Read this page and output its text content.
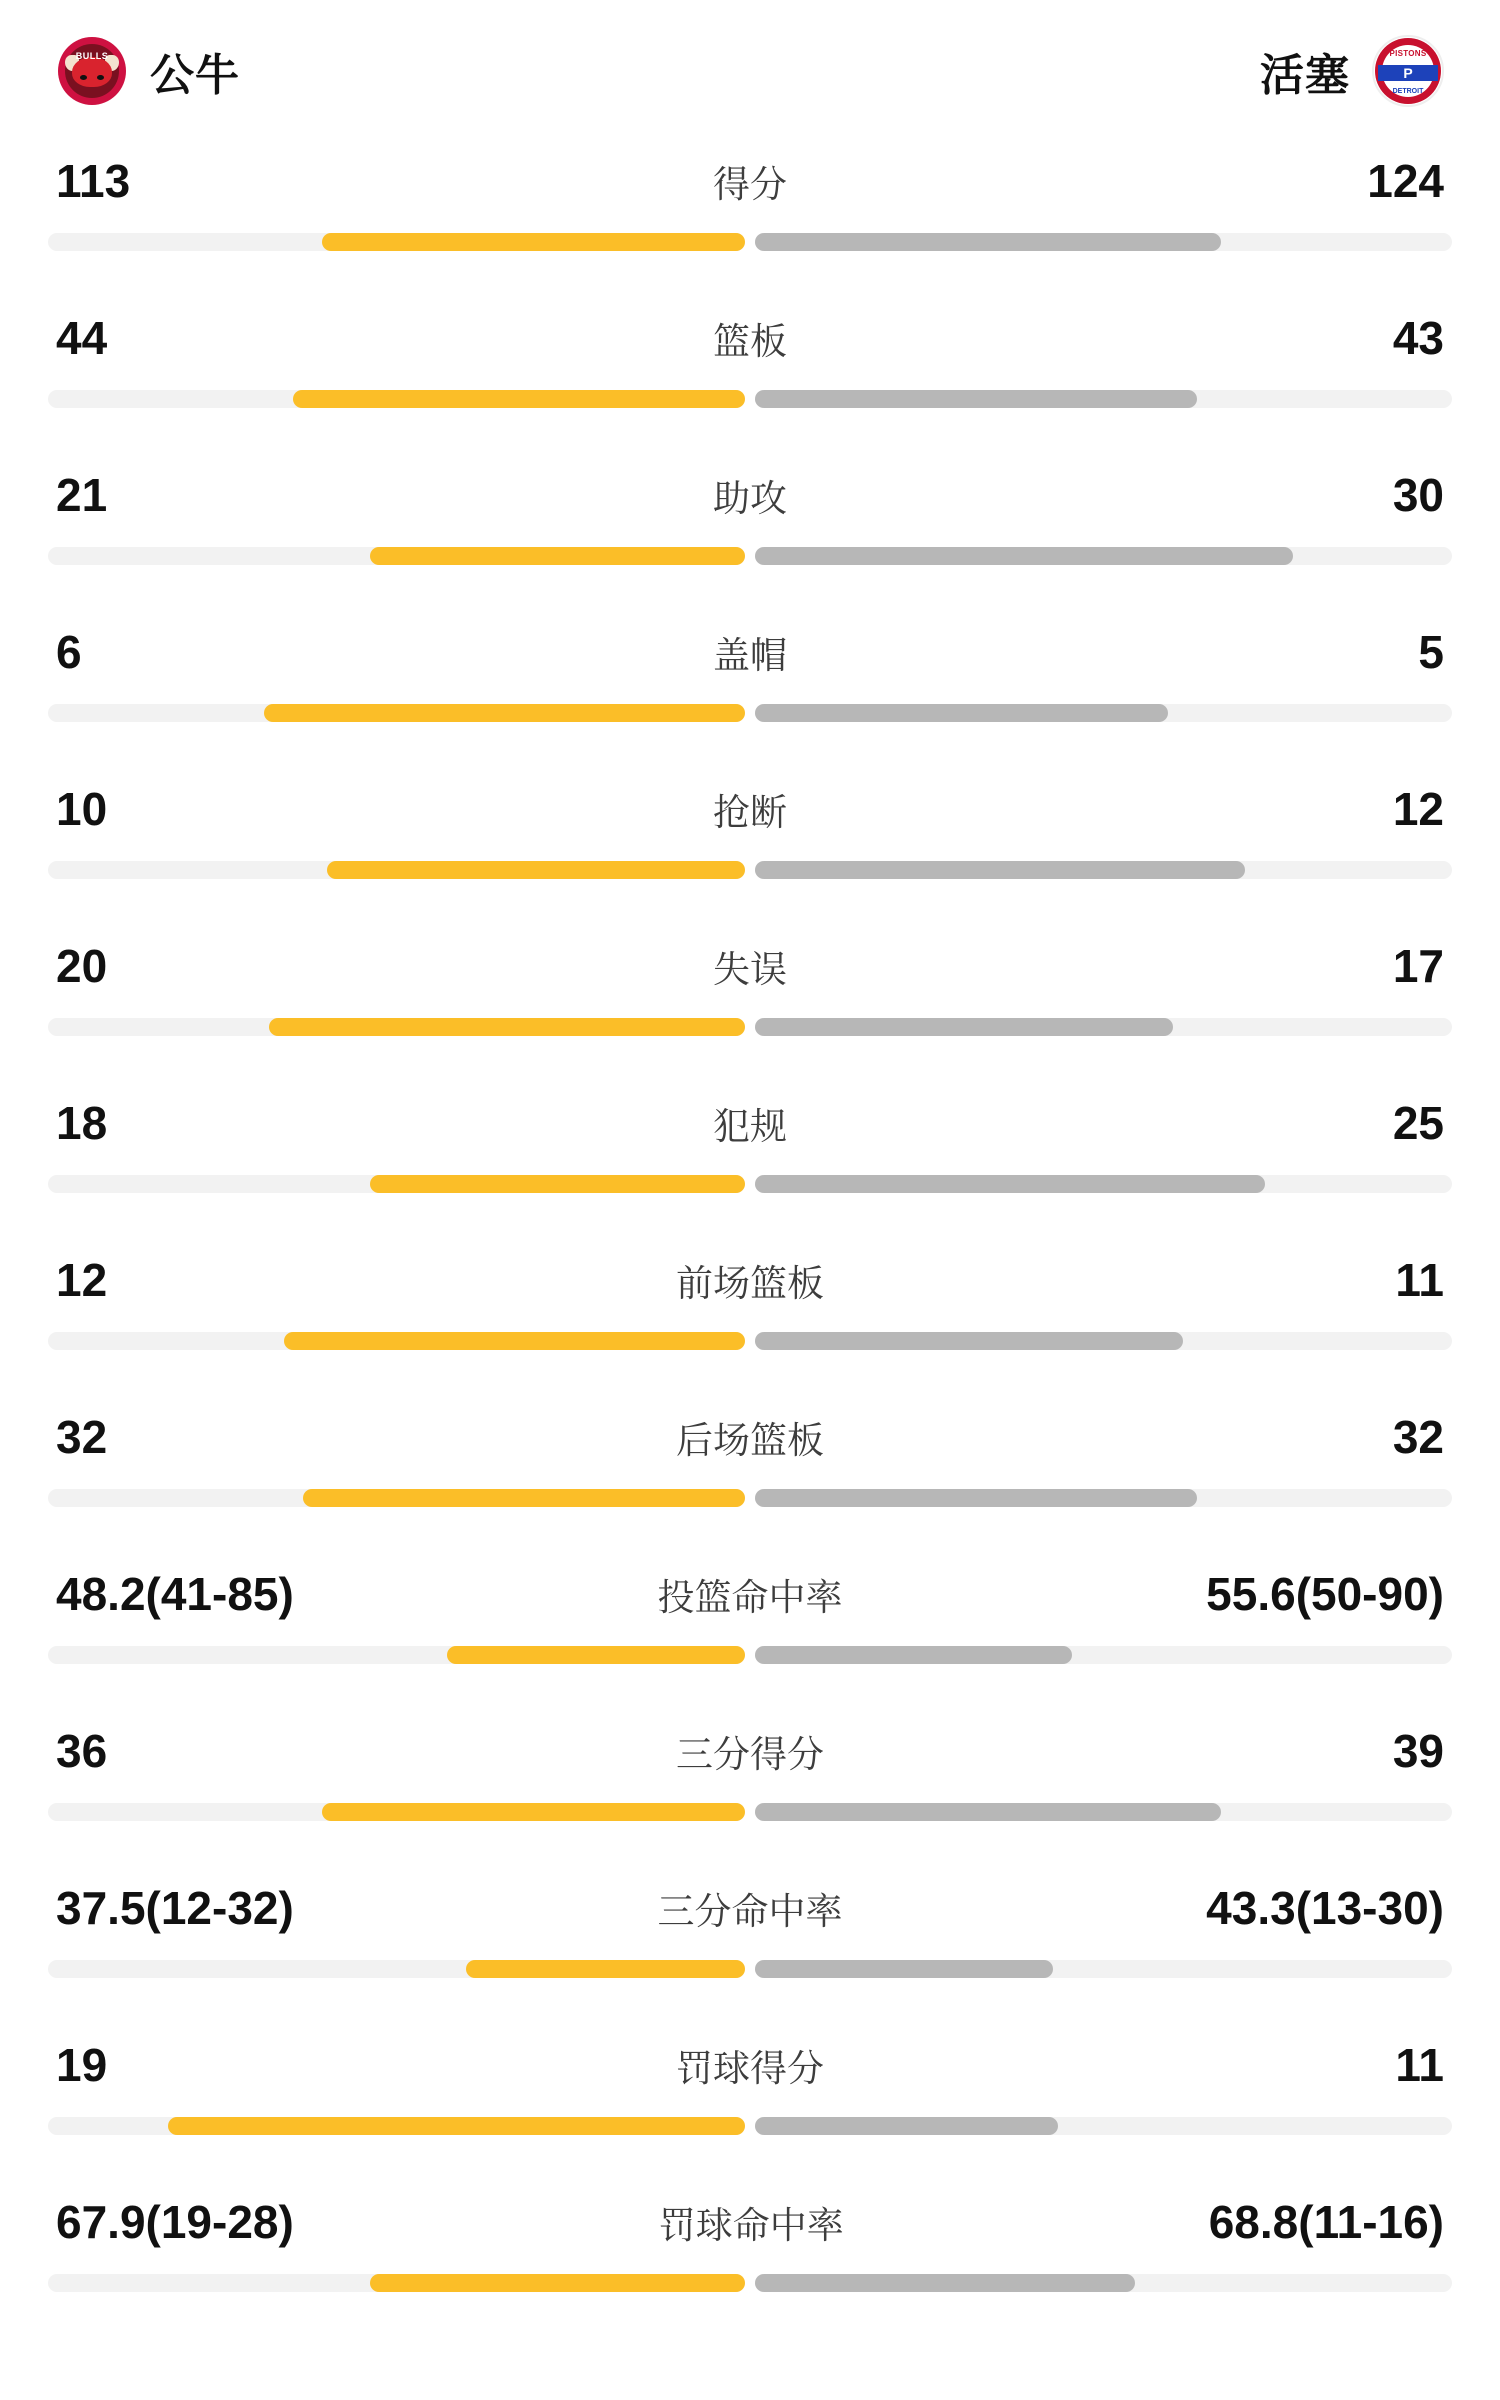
BULLS 公牛	PISTONS
P
DETROIT
活塞
113	得分	124
44	篮板	43
21	助攻	30
6	盖帽	5
10	抢断	12
20	失误	17
18	犯规	25
12	前场篮板	11
32	后场篮板	32
48.2(41-85)	投篮命中率	55.6(50-90)
36	三分得分	39
37.5(12-32)	三分命中率	43.3(13-30)
19	罚球得分	11
67.9(19-28)	罚球命中率	68.8(11-16)
